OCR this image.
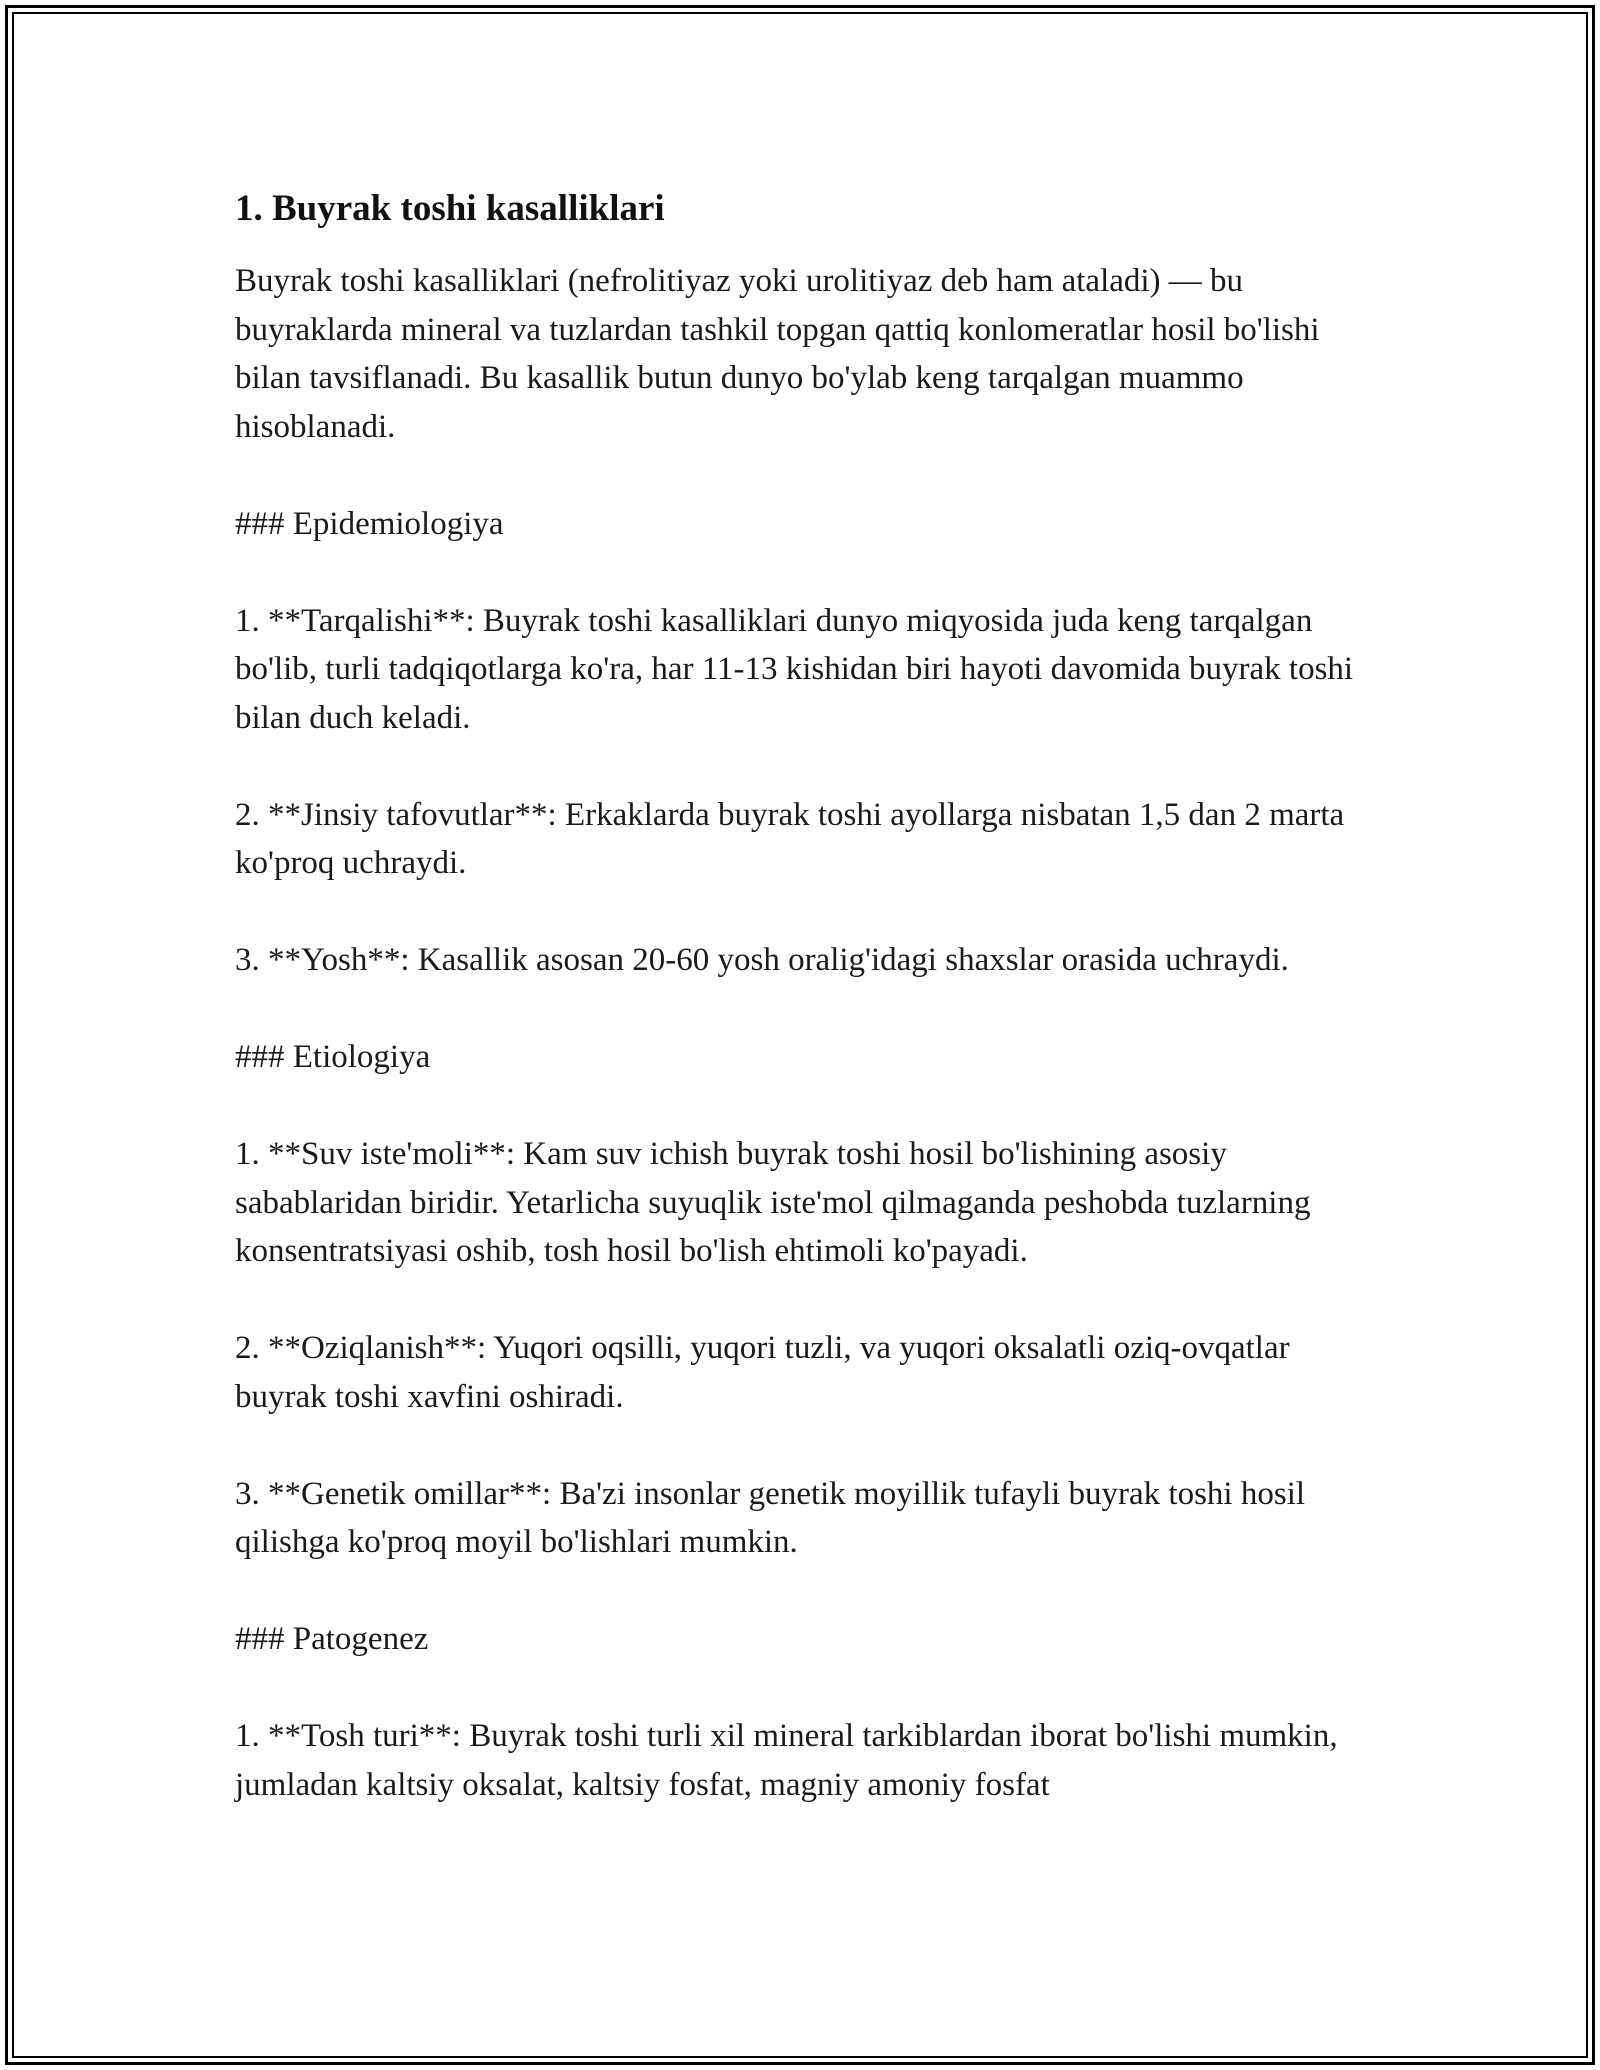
1. Buyrak toshi kasalliklari

Buyrak toshi kasalliklari (nefrolitiyaz yoki urolitiyaz deb ham ataladi) — bu buyraklarda mineral va tuzlardan tashkil topgan qattiq konlomeratlar hosil bo'lishi bilan tavsiflanadi. Bu kasallik butun dunyo bo'ylab keng tarqalgan muammo hisoblanadi.

### Epidemiologiya

1. **Tarqalishi**: Buyrak toshi kasalliklari dunyo miqyosida juda keng tarqalgan bo'lib, turli tadqiqotlarga ko'ra, har 11-13 kishidan biri hayoti davomida buyrak toshi bilan duch keladi.

2. **Jinsiy tafovutlar**: Erkaklarda buyrak toshi ayollarga nisbatan 1,5 dan 2 marta ko'proq uchraydi.

3. **Yosh**: Kasallik asosan 20-60 yosh oralig'idagi shaxslar orasida uchraydi.

### Etiologiya

1. **Suv iste'moli**: Kam suv ichish buyrak toshi hosil bo'lishining asosiy sabablaridan biridir. Yetarlicha suyuqlik iste'mol qilmaganda peshobda tuzlarning konsentratsiyasi oshib, tosh hosil bo'lish ehtimoli ko'payadi.

2. **Oziqlanish**: Yuqori oqsilli, yuqori tuzli, va yuqori oksalatli oziq-ovqatlar buyrak toshi xavfini oshiradi.

3. **Genetik omillar**: Ba'zi insonlar genetik moyillik tufayli buyrak toshi hosil qilishga ko'proq moyil bo'lishlari mumkin.

### Patogenez

1. **Tosh turi**: Buyrak toshi turli xil mineral tarkiblardan iborat bo'lishi mumkin, jumladan kaltsiy oksalat, kaltsiy fosfat, magniy amoniy fosfat
